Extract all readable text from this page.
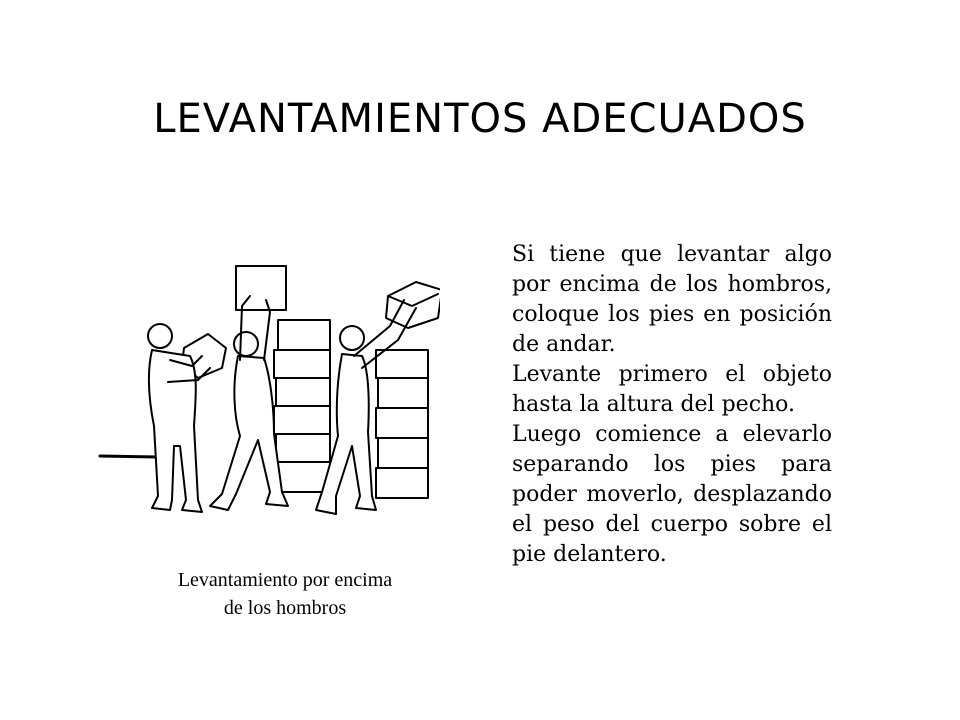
LEVANTAMIENTOS ADECUADOS
Levantamiento por encima
de los hombros

Si tiene que levantar algo por encima de los hombros, coloque los pies en posición de andar.

Levante primero el objeto hasta la altura del pecho.

Luego comience a elevarlo separando los pies para poder moverlo, desplazando el peso del cuerpo sobre el pie delantero.
